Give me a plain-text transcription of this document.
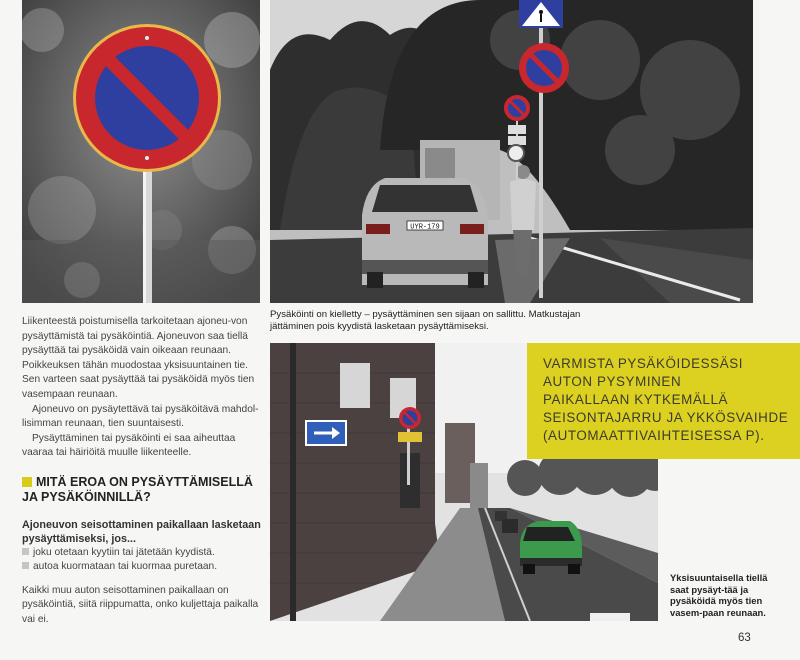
UYR-179
Pysäköinti on kielletty – pysäyttäminen sen sijaan on sallittu. Matkustajan jättäminen pois kyydistä lasketaan pysäyttämiseksi.

Liikenteestä poistumisella tarkoitetaan ajoneu-von pysäyttämistä tai pysäköintiä. Ajoneuvon saa tiellä pysäyttää tai pysäköidä vain oikeaan reunaan. Poikkeuksen tähän muodostaa yksisuuntainen tie. Sen varteen saat pysäyttää tai pysäköidä myös tien vasempaan reunaan.

Ajoneuvo on pysäytettävä tai pysäköitävä mahdol-lisimman reunaan, tien suuntaisesti.

Pysäyttäminen tai pysäköinti ei saa aiheuttaa vaaraa tai häiriöitä muulle liikenteelle.

VARMISTA PYSÄKÖIDESSÄSI
AUTON PYSYMINEN
PAIKALLAAN KYTKEMÄLLÄ
SEISONTAJARRU JA YKKÖSVAIHDE
(AUTOMAATTIVAIHTEISESSA P).
MITÄ EROA ON PYSÄYTTÄMISELLÄ
JA PYSÄKÖINNILLÄ?
Ajoneuvon seisottaminen paikallaan lasketaan pysäyttämiseksi, jos...
joku otetaan kyytiin tai jätetään kyydistä.
autoa kuormataan tai kuormaa puretaan.
Kaikki muu auton seisottaminen paikallaan on pysäköintiä, siitä riippumatta, onko kuljettaja paikalla vai ei.
Yksisuuntaisella tiellä saat pysäyt-tää ja pysäköidä myös tien vasem-paan reunaan.
63
